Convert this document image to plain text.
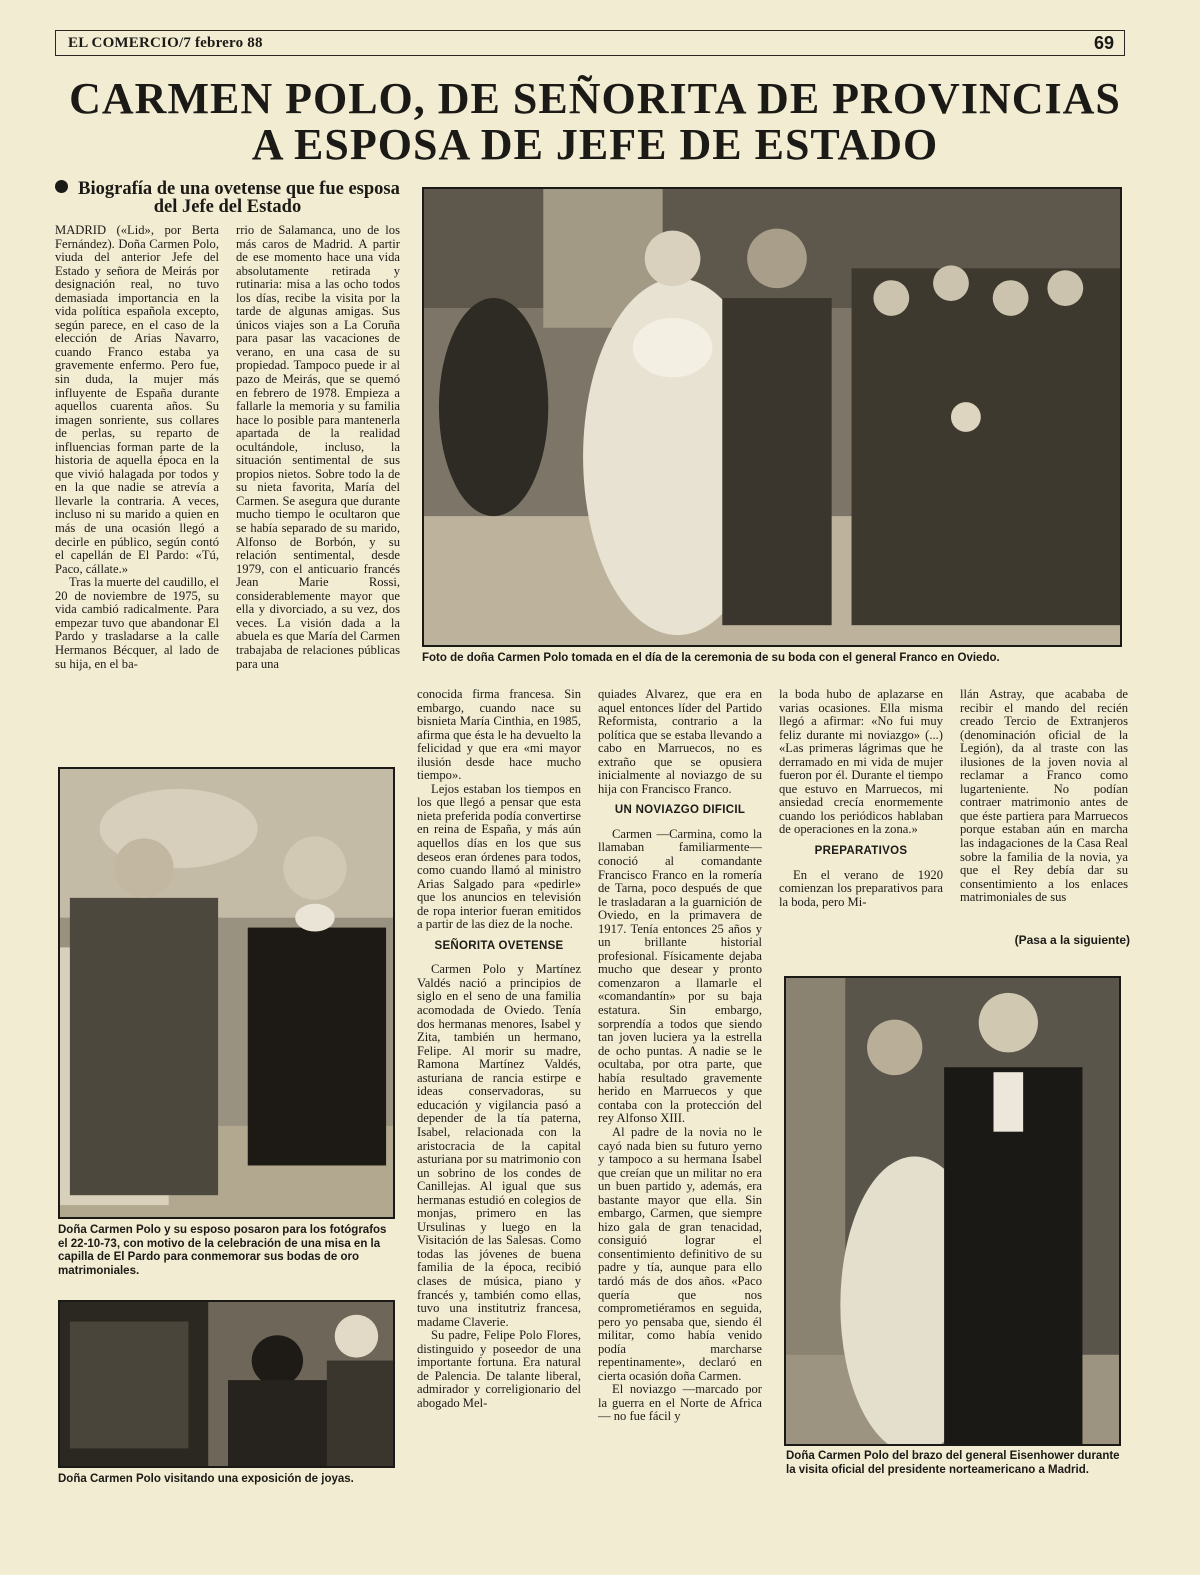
EL COMERCIO/7 febrero 88	69
CARMEN POLO, DE SEÑORITA DE PROVINCIAS
A ESPOSA DE JEFE DE ESTADO
Biografía de una ovetense que fue esposa del Jefe del Estado

MADRID («Lid», por Berta Fernández). Doña Carmen Polo, viuda del anterior Jefe del Estado y señora de Meirás por designación real, no tuvo demasiada importancia en la vida política española excepto, según parece, en el caso de la elección de Arias Navarro, cuando Franco estaba ya gravemente enfermo. Pero fue, sin duda, la mujer más influyente de España durante aquellos cuarenta años. Su imagen sonriente, sus collares de perlas, su reparto de influencias forman parte de la historia de aquella época en la que vivió halagada por todos y en la que nadie se atrevía a llevarle la contraria. A veces, incluso ni su marido a quien en más de una ocasión llegó a decirle en público, según contó el capellán de El Pardo: «Tú, Paco, cállate.»

Tras la muerte del caudillo, el 20 de noviembre de 1975, su vida cambió radicalmente. Para empezar tuvo que abandonar El Pardo y trasladarse a la calle Hermanos Bécquer, al lado de su hija, en el ba-

rrio de Salamanca, uno de los más caros de Madrid. A partir de ese momento hace una vida absolutamente retirada y rutinaria: misa a las ocho todos los días, recibe la visita por la tarde de algunas amigas. Sus únicos viajes son a La Coruña para pasar las vacaciones de verano, en una casa de su propiedad. Tampoco puede ir al pazo de Meirás, que se quemó en febrero de 1978. Empieza a fallarle la memoria y su familia hace lo posible para mantenerla apartada de la realidad ocultándole, incluso, la situación sentimental de sus propios nietos. Sobre todo la de su nieta favorita, María del Carmen. Se asegura que durante mucho tiempo le ocultaron que se había separado de su marido, Alfonso de Borbón, y su relación sentimental, desde 1979, con el anticuario francés Jean Marie Rossi, considerablemente mayor que ella y divorciado, a su vez, dos veces. La visión dada a la abuela es que María del Carmen trabajaba de relaciones públicas para una

conocida firma francesa. Sin embargo, cuando nace su bisnieta María Cinthia, en 1985, afirma que ésta le ha devuelto la felicidad y que era «mi mayor ilusión desde hace mucho tiempo».

Lejos estaban los tiempos en los que llegó a pensar que esta nieta preferida podía convertirse en reina de España, y más aún aquellos días en los que sus deseos eran órdenes para todos, como cuando llamó al ministro Arias Salgado para «pedirle» que los anuncios en televisión de ropa interior fueran emitidos a partir de las diez de la noche.

SEÑORITA OVETENSE

Carmen Polo y Martínez Valdés nació a principios de siglo en el seno de una familia acomodada de Oviedo. Tenía dos hermanas menores, Isabel y Zita, también un hermano, Felipe. Al morir su madre, Ramona Martínez Valdés, asturiana de rancia estirpe e ideas conservadoras, su educación y vigilancia pasó a depender de la tía paterna, Isabel, relacionada con la aristocracia de la capital asturiana por su matrimonio con un sobrino de los condes de Canillejas. Al igual que sus hermanas estudió en colegios de monjas, primero en las Ursulinas y luego en la Visitación de las Salesas. Como todas las jóvenes de buena familia de la época, recibió clases de música, piano y francés y, también como ellas, tuvo una institutriz francesa, madame Claverie.

Su padre, Felipe Polo Flores, distinguido y poseedor de una importante fortuna. Era natural de Palencia. De talante liberal, admirador y correligionario del abogado Mel-

quiades Alvarez, que era en aquel entonces líder del Partido Reformista, contrario a la política que se estaba llevando a cabo en Marruecos, no es extraño que se opusiera inicialmente al noviazgo de su hija con Francisco Franco.

UN NOVIAZGO DIFICIL

Carmen —Carmina, como la llamaban familiarmente— conoció al comandante Francisco Franco en la romería de Tarna, poco después de que le trasladaran a la guarnición de Oviedo, en la primavera de 1917. Tenía entonces 25 años y un brillante historial profesional. Físicamente dejaba mucho que desear y pronto comenzaron a llamarle el «comandantín» por su baja estatura. Sin embargo, sorprendía a todos que siendo tan joven luciera ya la estrella de ocho puntas. A nadie se le ocultaba, por otra parte, que había resultado gravemente herido en Marruecos y que contaba con la protección del rey Alfonso XIII.

Al padre de la novia no le cayó nada bien su futuro yerno y tampoco a su hermana Isabel que creían que un militar no era un buen partido y, además, era bastante mayor que ella. Sin embargo, Carmen, que siempre hizo gala de gran tenacidad, consiguió lograr el consentimiento definitivo de su padre y tía, aunque para ello tardó más de dos años. «Paco quería que nos comprometiéramos en seguida, pero yo pensaba que, siendo él militar, como había venido podía marcharse repentinamente», declaró en cierta ocasión doña Carmen.

El noviazgo —marcado por la guerra en el Norte de Africa— no fue fácil y

la boda hubo de aplazarse en varias ocasiones. Ella misma llegó a afirmar: «No fui muy feliz durante mi noviazgo» (...) «Las primeras lágrimas que he derramado en mi vida de mujer fueron por él. Durante el tiempo que estuvo en Marruecos, mi ansiedad crecía enormemente cuando los periódicos hablaban de operaciones en la zona.»

PREPARATIVOS

En el verano de 1920 comienzan los preparativos para la boda, pero Mi-

llán Astray, que acababa de recibir el mando del recién creado Tercio de Extranjeros (denominación oficial de la Legión), da al traste con las ilusiones de la joven novia al reclamar a Franco como lugarteniente. No podían contraer matrimonio antes de que éste partiera para Marruecos porque estaban aún en marcha las indagaciones de la Casa Real sobre la familia de la novia, ya que el Rey debía dar su consentimiento a los enlaces matrimoniales de sus

(Pasa a la siguiente)

Foto de doña Carmen Polo tomada en el día de la ceremonia de su boda con el general Franco en Oviedo.

Doña Carmen Polo y su esposo posaron para los fotógrafos el 22-10-73, con motivo de la celebración de una misa en la capilla de El Pardo para conmemorar sus bodas de oro matrimoniales.

Doña Carmen Polo visitando una exposición de joyas.

Doña Carmen Polo del brazo del general Eisenhower durante la visita oficial del presidente norteamericano a Madrid.
